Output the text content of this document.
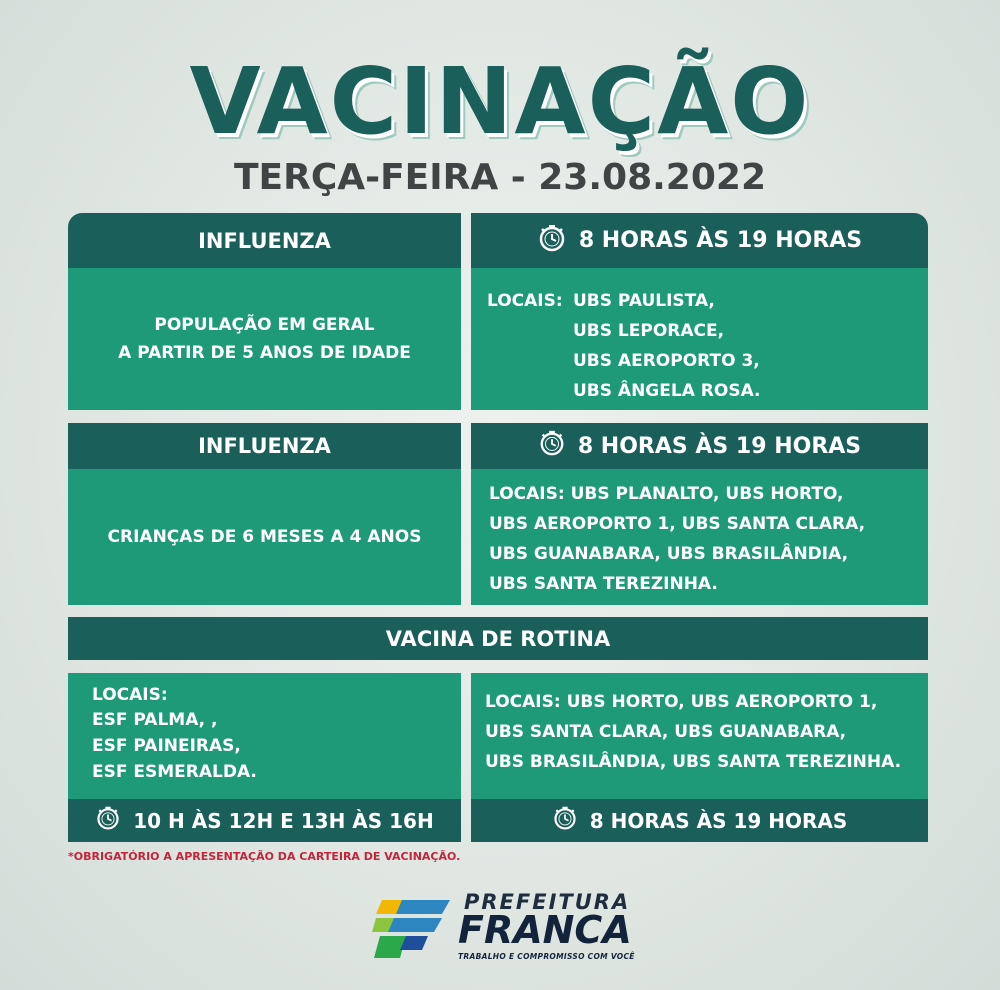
VACINAÇÃO
TERÇA-FEIRA - 23.08.2022
INFLUENZA
POPULAÇÃO EM GERAL
A PARTIR DE 5 ANOS DE IDADE
8 HORAS ÀS 19 HORAS
LOCAIS: UBS PAULISTA,
UBS LEPORACE,
UBS AEROPORTO 3,
UBS ÂNGELA ROSA.
INFLUENZA
CRIANÇAS DE 6 MESES A 4 ANOS
8 HORAS ÀS 19 HORAS
LOCAIS: UBS PLANALTO, UBS HORTO,
UBS AEROPORTO 1, UBS SANTA CLARA,
UBS GUANABARA, UBS BRASILÂNDIA,
UBS SANTA TEREZINHA.
VACINA DE ROTINA
LOCAIS:
ESF PALMA, ,
ESF PAINEIRAS,
ESF ESMERALDA.
10 H ÀS 12H E 13H ÀS 16H
LOCAIS: UBS HORTO, UBS AEROPORTO 1,
UBS SANTA CLARA, UBS GUANABARA,
UBS BRASILÂNDIA, UBS SANTA TEREZINHA.
8 HORAS ÀS 19 HORAS
*OBRIGATÓRIO A APRESENTAÇÃO DA CARTEIRA DE VACINAÇÃO.
PREFEITURA
FRANCA
TRABALHO E COMPROMISSO COM VOCÊ
